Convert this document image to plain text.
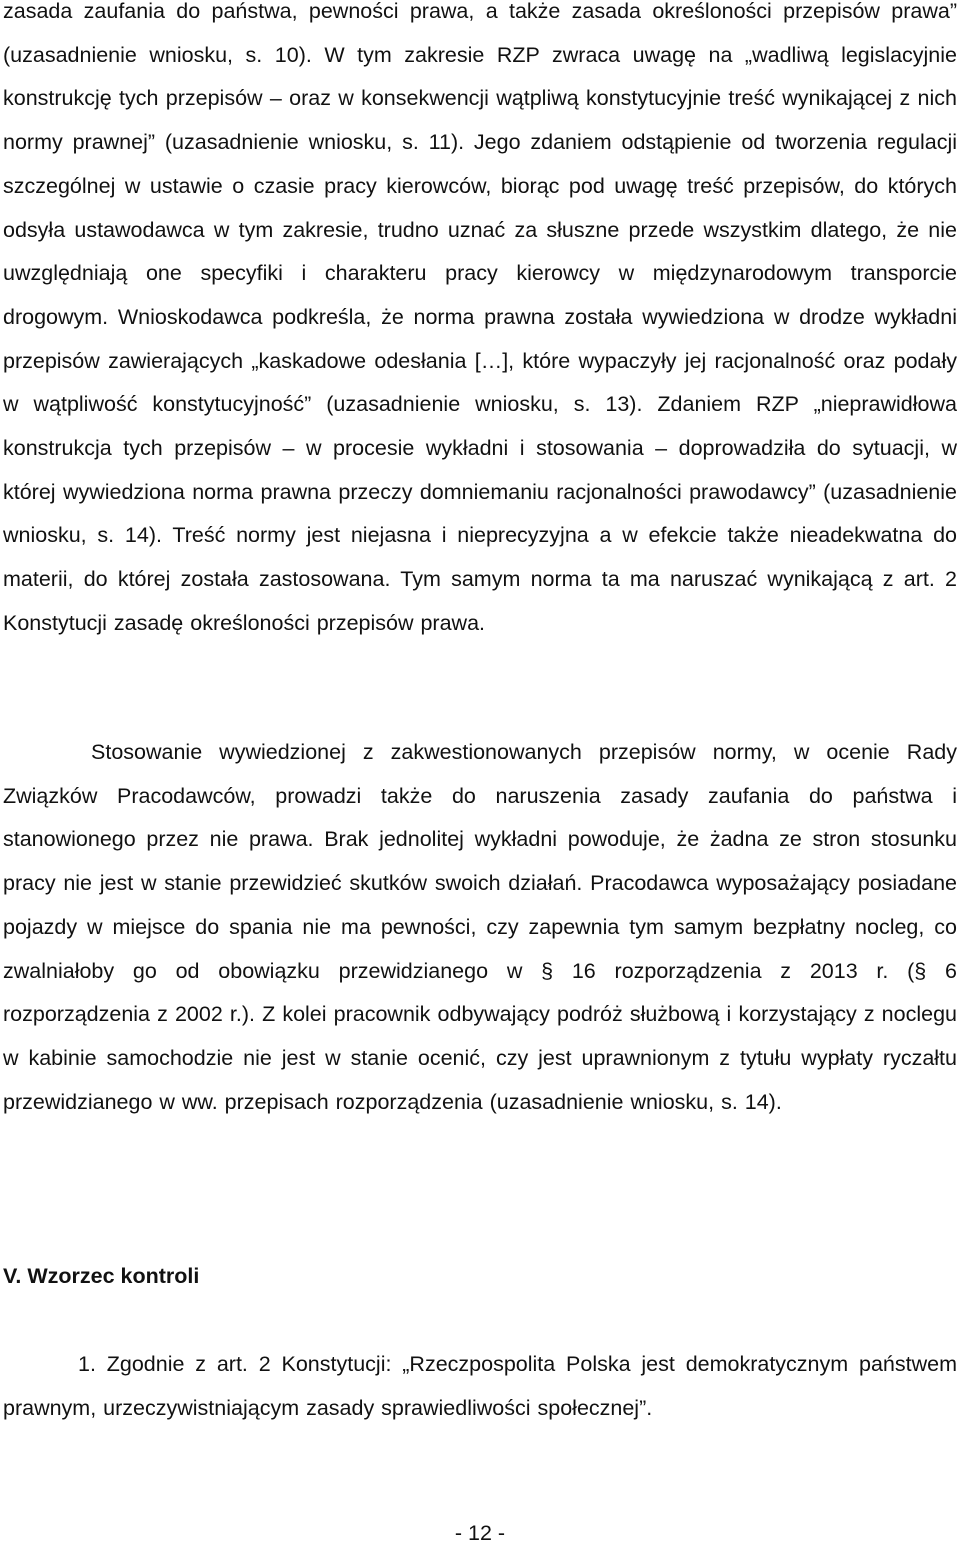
zasada zaufania do państwa, pewności prawa, a także zasada określoności przepisów prawa” (uzasadnienie wniosku, s. 10). W tym zakresie RZP zwraca uwagę na „wadliwą legislacyjnie konstrukcję tych przepisów – oraz w konsekwencji wątpliwą konstytucyjnie treść wynikającej z nich normy prawnej” (uzasadnienie wniosku, s. 11). Jego zdaniem odstąpienie od tworzenia regulacji szczególnej w ustawie o czasie pracy kierowców, biorąc pod uwagę treść przepisów, do których odsyła ustawodawca w tym zakresie, trudno uznać za słuszne przede wszystkim dlatego, że nie uwzględniają one specyfiki i charakteru pracy kierowcy w międzynarodowym transporcie drogowym. Wnioskodawca podkreśla, że norma prawna została wywiedziona w drodze wykładni przepisów zawierających „kaskadowe odesłania […], które wypaczyły jej racjonalność oraz podały w wątpliwość konstytucyjność” (uzasadnienie wniosku, s. 13). Zdaniem RZP „nieprawidłowa konstrukcja tych przepisów – w procesie wykładni i stosowania – doprowadziła do sytuacji, w której wywiedziona norma prawna przeczy domniemaniu racjonalności prawodawcy” (uzasadnienie wniosku, s. 14). Treść normy jest niejasna i nieprecyzyjna a w efekcie także nieadekwatna do materii, do której została zastosowana. Tym samym norma ta ma naruszać wynikającą z art. 2 Konstytucji zasadę określoności przepisów prawa.

Stosowanie wywiedzionej z zakwestionowanych przepisów normy, w ocenie Rady Związków Pracodawców, prowadzi także do naruszenia zasady zaufania do państwa i stanowionego przez nie prawa. Brak jednolitej wykładni powoduje, że żadna ze stron stosunku pracy nie jest w stanie przewidzieć skutków swoich działań. Pracodawca wyposażający posiadane pojazdy w miejsce do spania nie ma pewności, czy zapewnia tym samym bezpłatny nocleg, co zwalniałoby go od obowiązku przewidzianego w § 16 rozporządzenia z 2013 r. (§ 6 rozporządzenia z 2002 r.). Z kolei pracownik odbywający podróż służbową i korzystający z noclegu w kabinie samochodzie nie jest w stanie ocenić, czy jest uprawnionym z tytułu wypłaty ryczałtu przewidzianego w ww. przepisach rozporządzenia (uzasadnienie wniosku, s. 14).

V. Wzorzec kontroli

1. Zgodnie z art. 2 Konstytucji: „Rzeczpospolita Polska jest demokratycznym państwem prawnym, urzeczywistniającym zasady sprawiedliwości społecznej”.

- 12 -
